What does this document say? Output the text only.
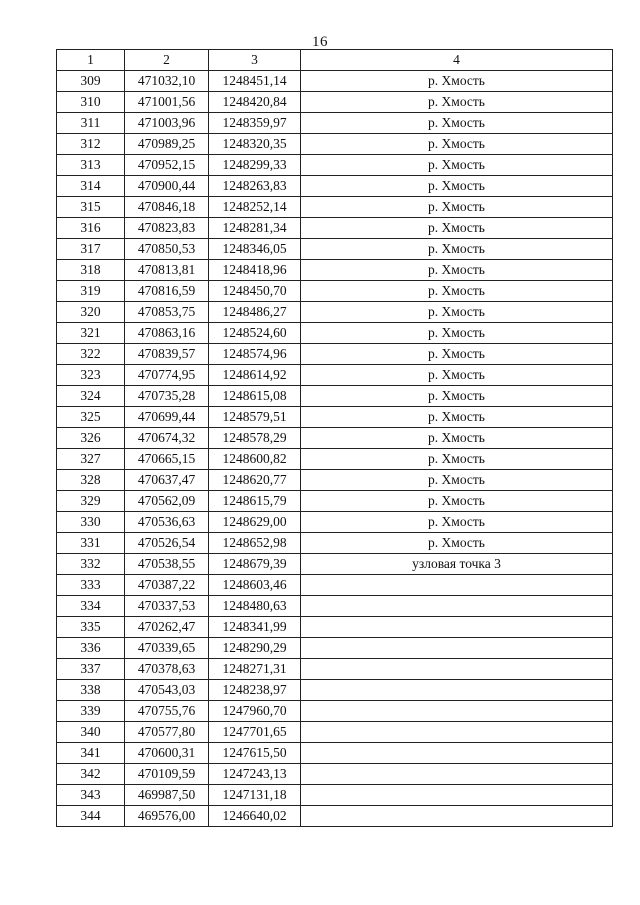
16
1	2	3	4
309	471032,10	1248451,14	р. Хмость
310	471001,56	1248420,84	р. Хмость
311	471003,96	1248359,97	р. Хмость
312	470989,25	1248320,35	р. Хмость
313	470952,15	1248299,33	р. Хмость
314	470900,44	1248263,83	р. Хмость
315	470846,18	1248252,14	р. Хмость
316	470823,83	1248281,34	р. Хмость
317	470850,53	1248346,05	р. Хмость
318	470813,81	1248418,96	р. Хмость
319	470816,59	1248450,70	р. Хмость
320	470853,75	1248486,27	р. Хмость
321	470863,16	1248524,60	р. Хмость
322	470839,57	1248574,96	р. Хмость
323	470774,95	1248614,92	р. Хмость
324	470735,28	1248615,08	р. Хмость
325	470699,44	1248579,51	р. Хмость
326	470674,32	1248578,29	р. Хмость
327	470665,15	1248600,82	р. Хмость
328	470637,47	1248620,77	р. Хмость
329	470562,09	1248615,79	р. Хмость
330	470536,63	1248629,00	р. Хмость
331	470526,54	1248652,98	р. Хмость
332	470538,55	1248679,39	узловая точка 3
333	470387,22	1248603,46	
334	470337,53	1248480,63	
335	470262,47	1248341,99	
336	470339,65	1248290,29	
337	470378,63	1248271,31	
338	470543,03	1248238,97	
339	470755,76	1247960,70	
340	470577,80	1247701,65	
341	470600,31	1247615,50	
342	470109,59	1247243,13	
343	469987,50	1247131,18	
344	469576,00	1246640,02	
